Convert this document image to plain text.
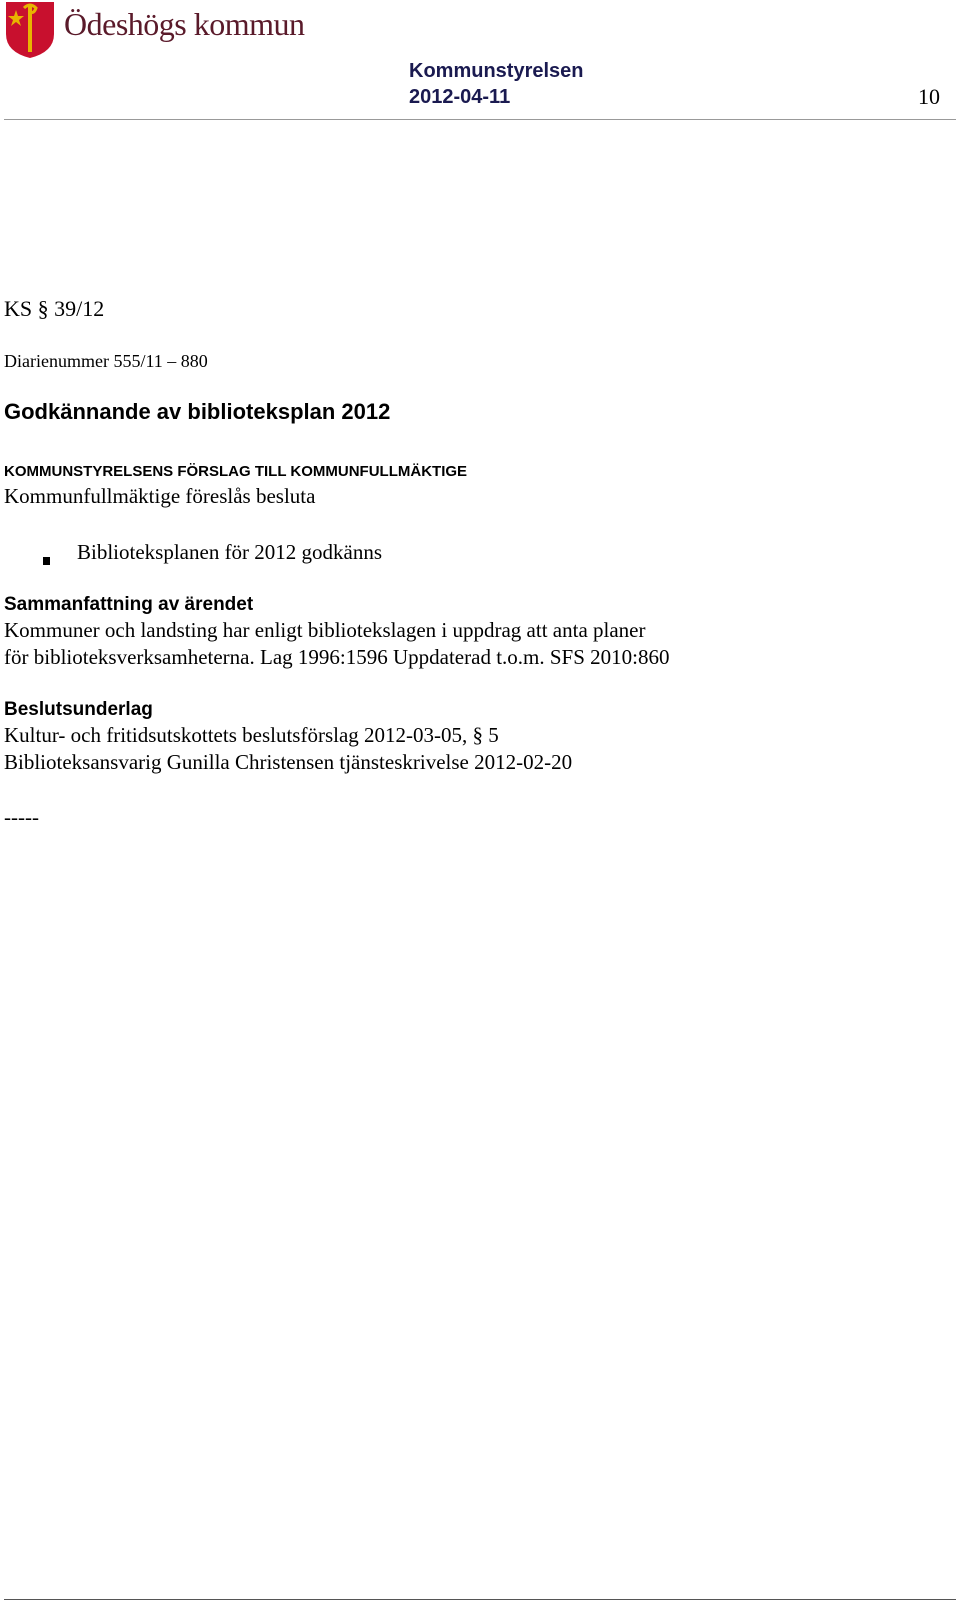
Ödeshögs kommun
Kommunstyrelsen
2012-04-11	10
KS § 39/12
Diarienummer 555/11 – 880
Godkännande av biblioteksplan 2012
KOMMUNSTYRELSENS FÖRSLAG TILL KOMMUNFULLMÄKTIGE
Kommunfullmäktige föreslås besluta
Biblioteksplanen för 2012 godkänns
Sammanfattning av ärendet
Kommuner och landsting har enligt bibliotekslagen i uppdrag att anta planer
för biblioteksverksamheterna. Lag 1996:1596 Uppdaterad t.o.m. SFS 2010:860
Beslutsunderlag
Kultur- och fritidsutskottets beslutsförslag 2012-03-05, § 5
Biblioteksansvarig Gunilla Christensen tjänsteskrivelse 2012-02-20
-----
